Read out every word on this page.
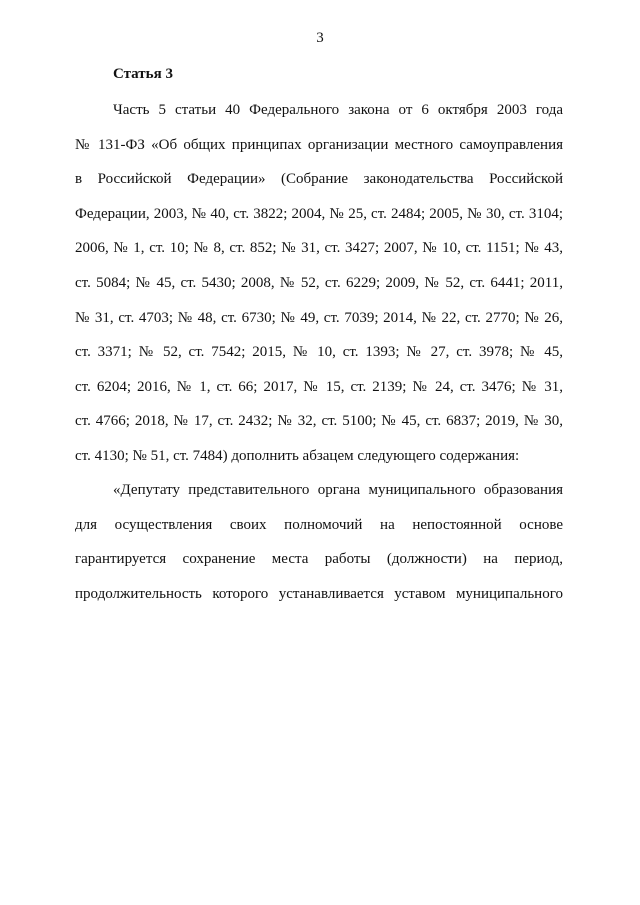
3
Статья 3
Часть 5 статьи 40 Федерального закона от 6 октября 2003 года
№ 131-ФЗ «Об общих принципах организации местного самоуправления
в Российской Федерации» (Собрание законодательства Российской
Федерации, 2003, № 40, ст. 3822; 2004, № 25, ст. 2484; 2005, № 30, ст. 3104;
2006, № 1, ст. 10; № 8, ст. 852; № 31, ст. 3427; 2007, № 10, ст. 1151; № 43,
ст. 5084; № 45, ст. 5430; 2008, № 52, ст. 6229; 2009, № 52, ст. 6441; 2011,
№ 31, ст. 4703; № 48, ст. 6730; № 49, ст. 7039; 2014, № 22, ст. 2770; № 26,
ст. 3371; № 52, ст. 7542; 2015, № 10, ст. 1393; № 27, ст. 3978; № 45,
ст. 6204; 2016, № 1, ст. 66; 2017, № 15, ст. 2139; № 24, ст. 3476; № 31,
ст. 4766; 2018, № 17, ст. 2432; № 32, ст. 5100; № 45, ст. 6837; 2019, № 30,
ст. 4130; № 51, ст. 7484) дополнить абзацем следующего содержания:
«Депутату представительного органа муниципального образования
для осуществления своих полномочий на непостоянной основе
гарантируется сохранение места работы (должности) на период,
продолжительность которого устанавливается уставом муниципального
